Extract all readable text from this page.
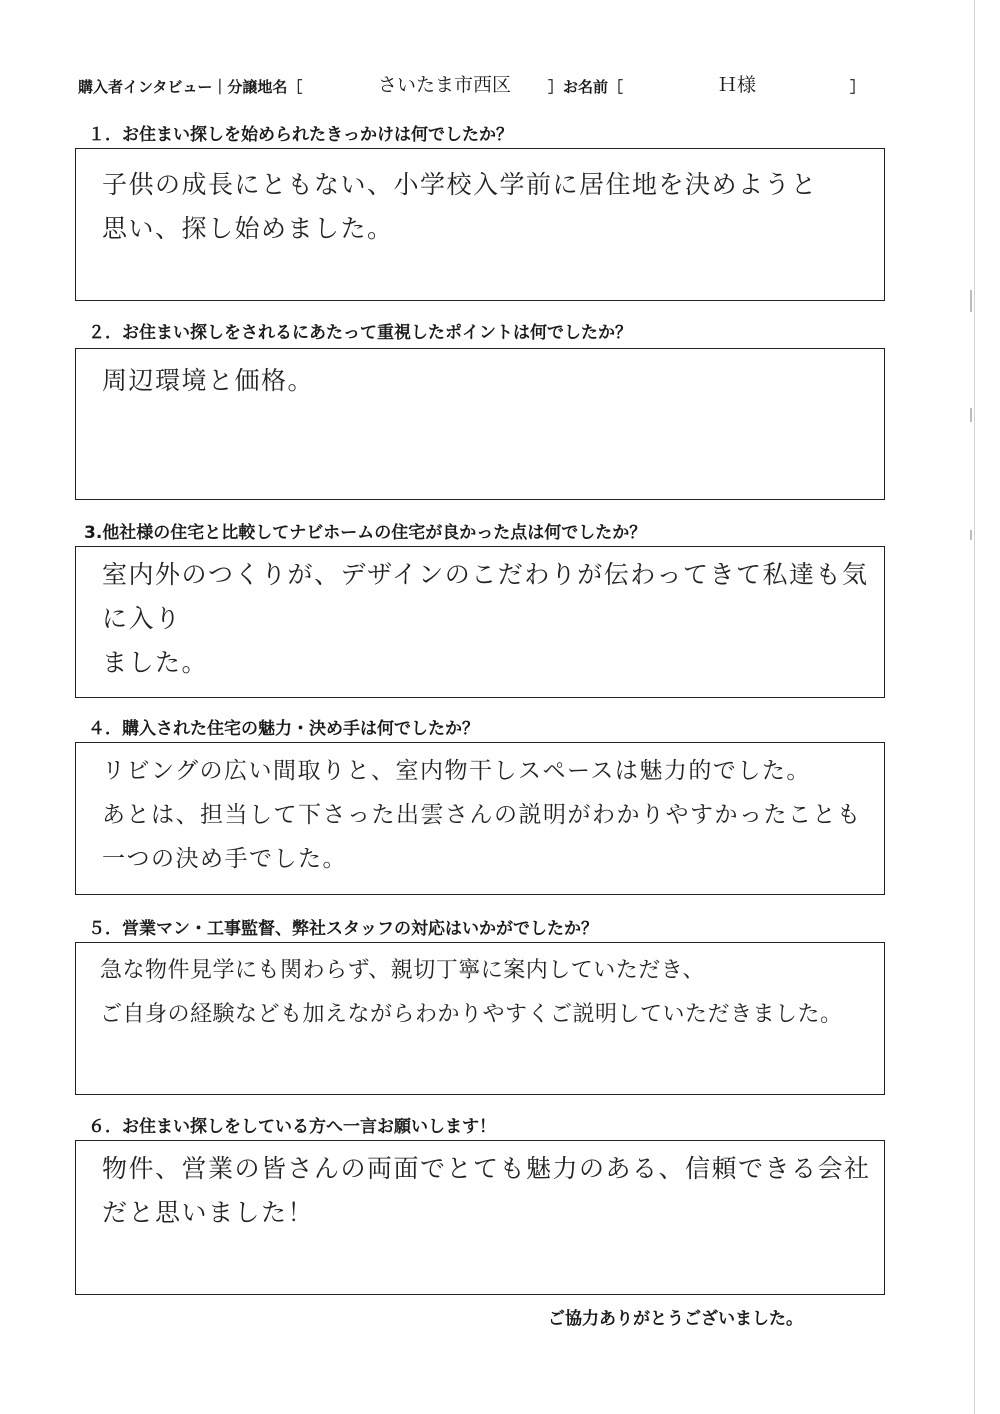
購入者インタビュー｜分譲地名［	さいたま市西区 ］お名前［	Ｈ様	］
１．お住まい探しを始められたきっかけは何でしたか？
子供の成長にともない、小学校入学前に居住地を決めようと
思い、探し始めました。
２．お住まい探しをされるにあたって重視したポイントは何でしたか？
周辺環境と価格。
3.他社様の住宅と比較してナビホームの住宅が良かった点は何でしたか？
室内外のつくりが、デザインのこだわりが伝わってきて私達も気に入り
ました。
４．購入された住宅の魅力・決め手は何でしたか？
リビングの広い間取りと、室内物干しスペースは魅力的でした。
あとは、担当して下さった出雲さんの説明がわかりやすかったことも
一つの決め手でした。
５．営業マン・工事監督、弊社スタッフの対応はいかがでしたか？
急な物件見学にも関わらず、親切丁寧に案内していただき、
ご自身の経験なども加えながらわかりやすくご説明していただきました。
６．お住まい探しをしている方へ一言お願いします！
物件、営業の皆さんの両面でとても魅力のある、信頼できる会社
だと思いました！
ご協力ありがとうございました。
